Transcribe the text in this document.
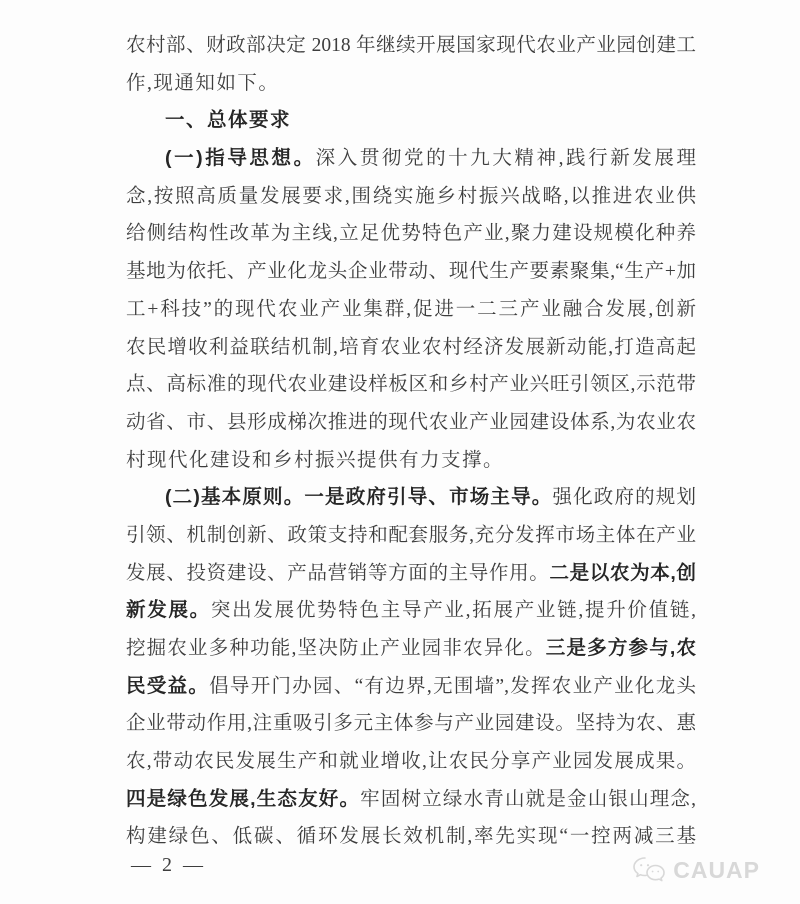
农村部、财政部决定 2018 年继续开展国家现代农业产业园创建工
作,现通知如下。
一、总体要求
(一)指导思想。深入贯彻党的十九大精神,践行新发展理
念,按照高质量发展要求,围绕实施乡村振兴战略,以推进农业供
给侧结构性改革为主线,立足优势特色产业,聚力建设规模化种养
基地为依托、产业化龙头企业带动、现代生产要素聚集,“生产+加
工+科技”的现代农业产业集群,促进一二三产业融合发展,创新
农民增收利益联结机制,培育农业农村经济发展新动能,打造高起
点、高标准的现代农业建设样板区和乡村产业兴旺引领区,示范带
动省、市、县形成梯次推进的现代农业产业园建设体系,为农业农
村现代化建设和乡村振兴提供有力支撑。
(二)基本原则。一是政府引导、市场主导。强化政府的规划
引领、机制创新、政策支持和配套服务,充分发挥市场主体在产业
发展、投资建设、产品营销等方面的主导作用。二是以农为本,创
新发展。突出发展优势特色主导产业,拓展产业链,提升价值链,
挖掘农业多种功能,坚决防止产业园非农异化。三是多方参与,农
民受益。倡导开门办园、“有边界,无围墙”,发挥农业产业化龙头
企业带动作用,注重吸引多元主体参与产业园建设。坚持为农、惠
农,带动农民发展生产和就业增收,让农民分享产业园发展成果。
四是绿色发展,生态友好。牢固树立绿水青山就是金山银山理念,
构建绿色、低碳、循环发展长效机制,率先实现“一控两减三基
— 2 —	CAUAP
